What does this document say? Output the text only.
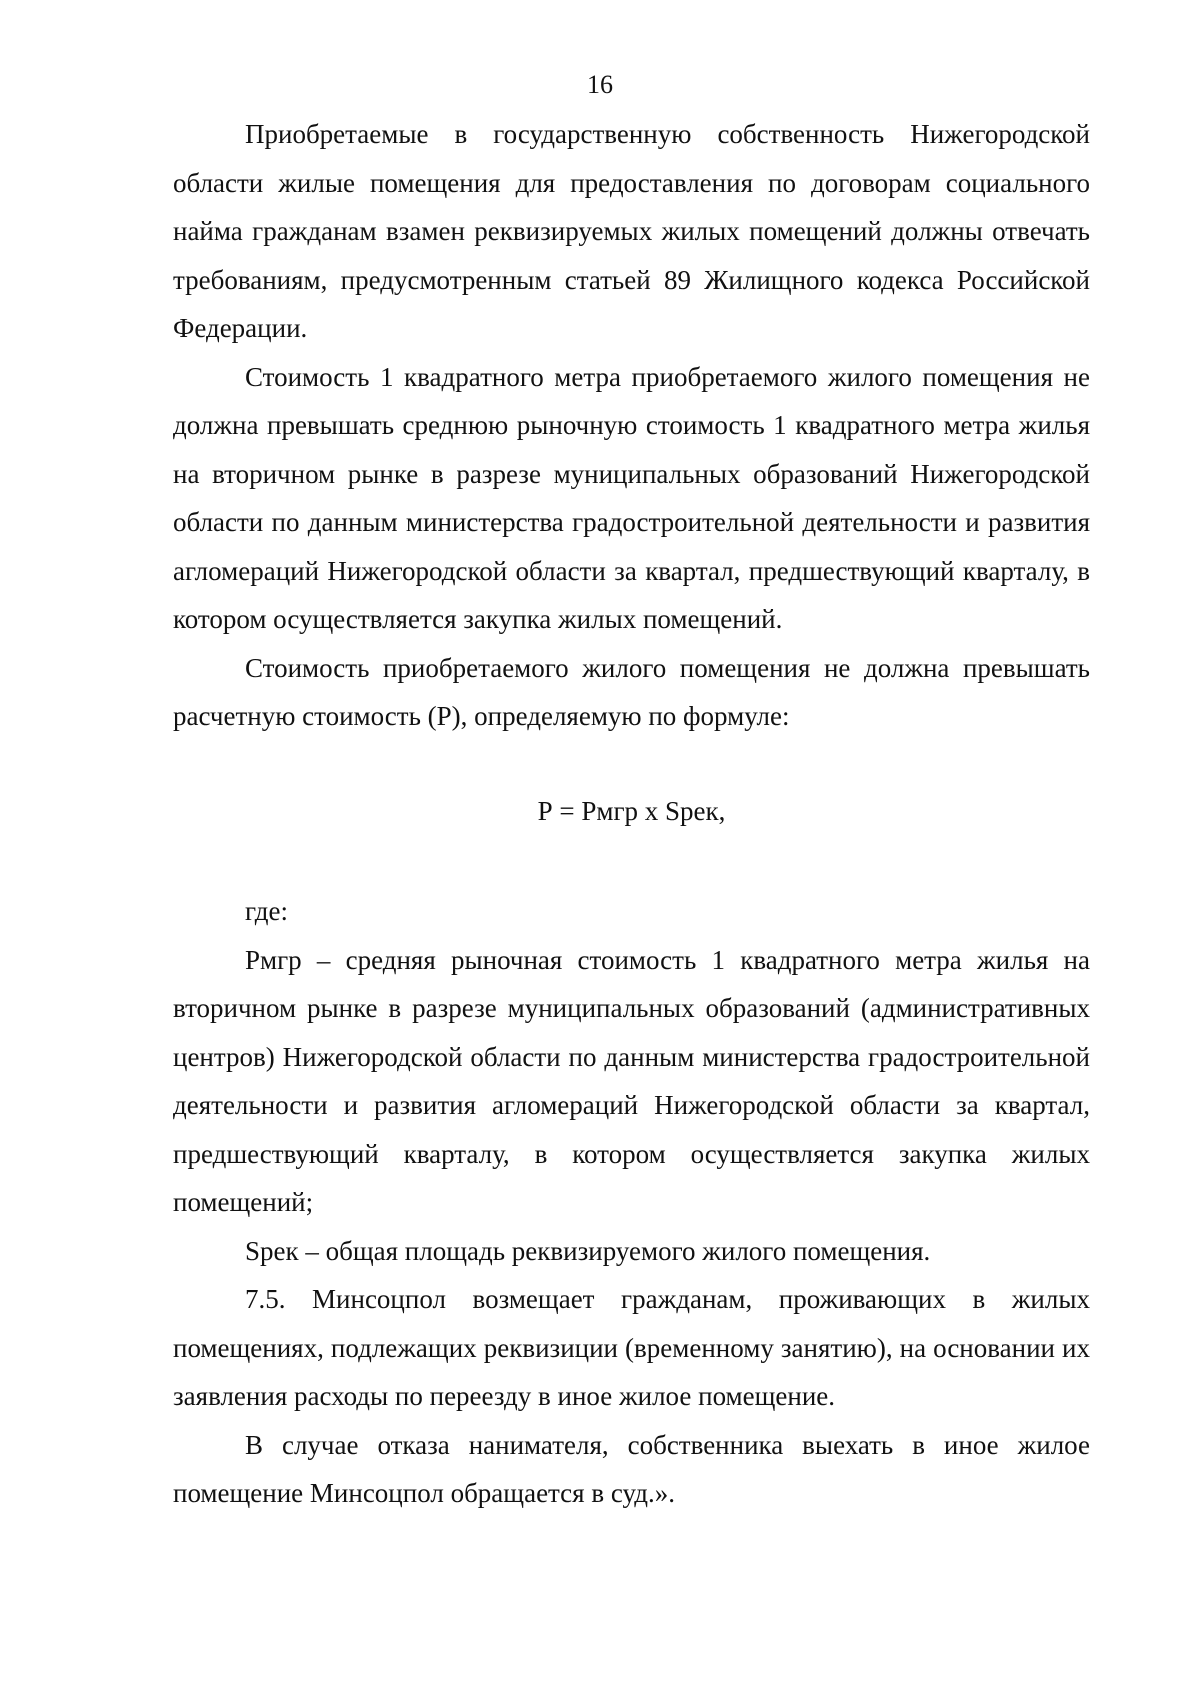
16

Приобретаемые в государственную собственность Нижегородской области жилые помещения для предоставления по договорам социального найма гражданам взамен реквизируемых жилых помещений должны отвечать требованиям, предусмотренным статьей 89 Жилищного кодекса Российской Федерации.

Стоимость 1 квадратного метра приобретаемого жилого помещения не должна превышать среднюю рыночную стоимость 1 квадратного метра жилья на вторичном рынке в разрезе муниципальных образований Нижегородской области по данным министерства градостроительной деятельности и развития агломераций Нижегородской области за квартал, предшествующий кварталу, в котором осуществляется закупка жилых помещений.

Стоимость приобретаемого жилого помещения не должна превышать расчетную стоимость (Р), определяемую по формуле:

Р = Рмгр х Sрек,

где:

Рмгр – средняя рыночная стоимость 1 квадратного метра жилья на вторичном рынке в разрезе муниципальных образований (административных центров) Нижегородской области по данным министерства градостроительной деятельности и развития агломераций Нижегородской области за квартал, предшествующий кварталу, в котором осуществляется закупка жилых помещений;

Sрек – общая площадь реквизируемого жилого помещения.

7.5. Минсоцпол возмещает гражданам, проживающих в жилых помещениях, подлежащих реквизиции (временному занятию), на основании их заявления расходы по переезду в иное жилое помещение.

В случае отказа нанимателя, собственника выехать в иное жилое помещение Минсоцпол обращается в суд.».
